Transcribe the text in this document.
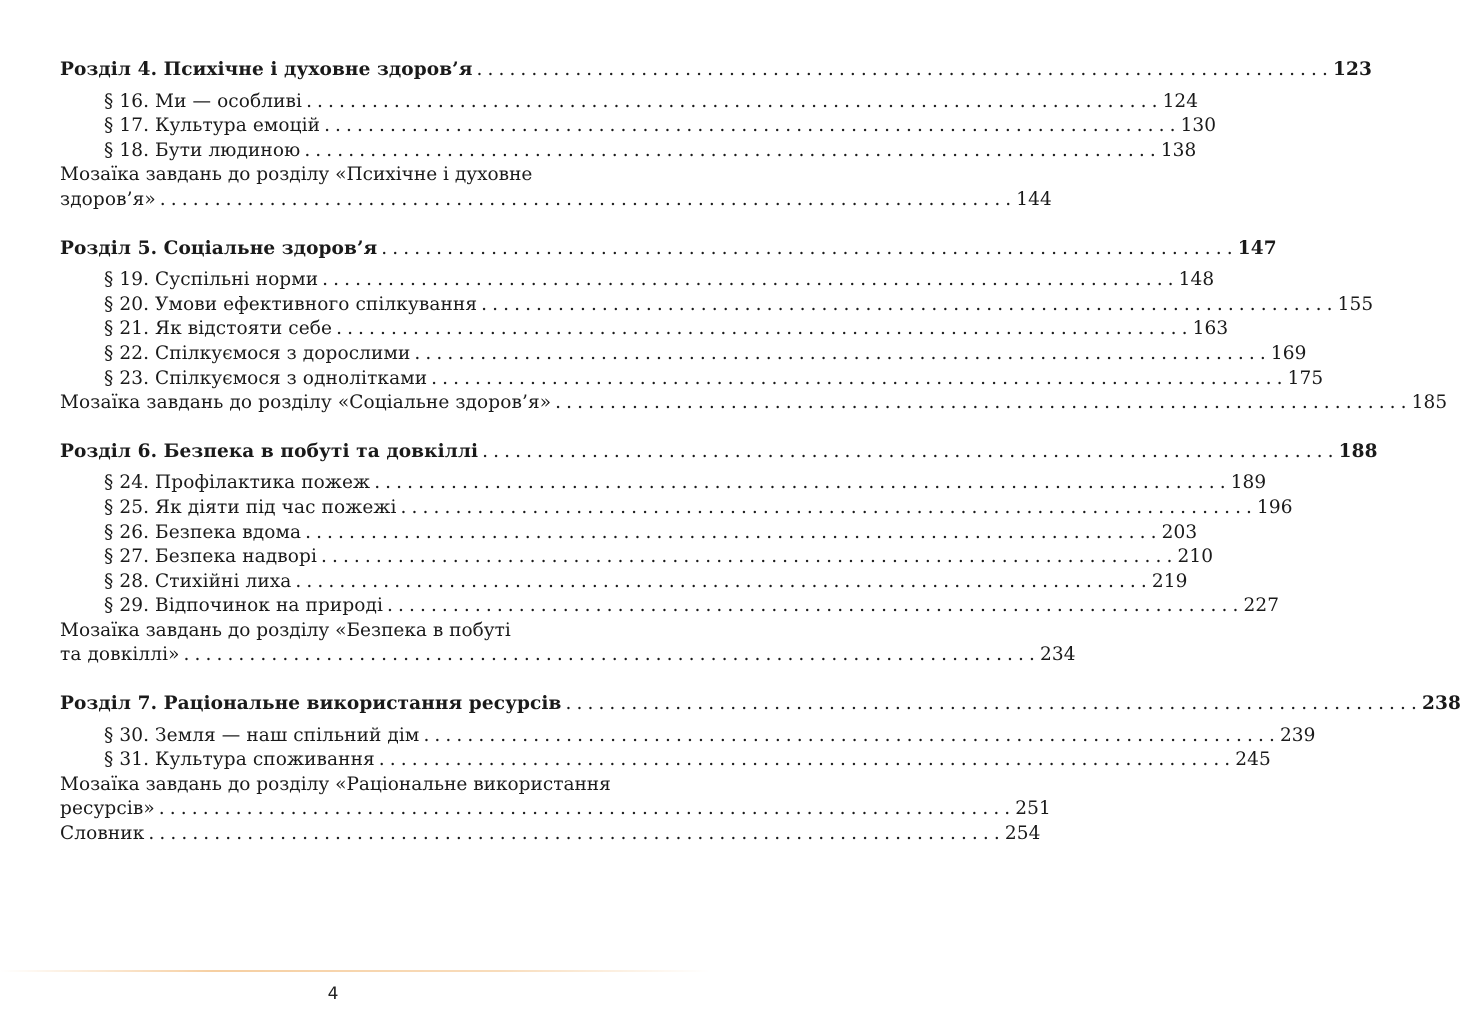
Розділ 4. Психічне і духовне здоров’я .............................................................................. 123
§ 16. Ми — особливі .............................................................................. 124
§ 17. Культура емоцій .............................................................................. 130
§ 18. Бути людиною .............................................................................. 138
Мозаїка завдань до розділу «Психічне і духовне
здоров’я» .............................................................................. 144
Розділ 5. Соціальне здоров’я .............................................................................. 147
§ 19. Суспільні норми .............................................................................. 148
§ 20. Умови ефективного спілкування .............................................................................. 155
§ 21. Як відстояти себе .............................................................................. 163
§ 22. Спілкуємося з дорослими .............................................................................. 169
§ 23. Спілкуємося з однолітками .............................................................................. 175
Мозаїка завдань до розділу «Соціальне здоров’я» .............................................................................. 185
Розділ 6. Безпека в побуті та довкіллі .............................................................................. 188
§ 24. Профілактика пожеж .............................................................................. 189
§ 25. Як діяти під час пожежі .............................................................................. 196
§ 26. Безпека вдома .............................................................................. 203
§ 27. Безпека надворі .............................................................................. 210
§ 28. Стихійні лиха .............................................................................. 219
§ 29. Відпочинок на природі .............................................................................. 227
Мозаїка завдань до розділу «Безпека в побуті
та довкіллі» .............................................................................. 234
Розділ 7. Раціональне використання ресурсів .............................................................................. 238
§ 30. Земля — наш спільний дім .............................................................................. 239
§ 31. Культура споживання .............................................................................. 245
Мозаїка завдань до розділу «Раціональне використання
ресурсів» .............................................................................. 251
Словник .............................................................................. 254
4
